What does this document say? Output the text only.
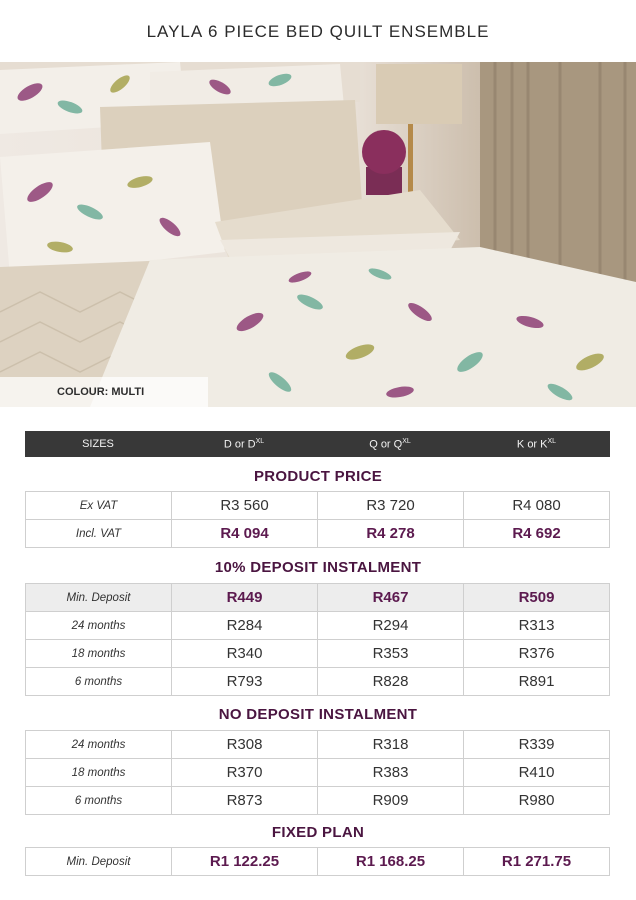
LAYLA 6 PIECE BED QUILT ENSEMBLE
COLOUR: MULTI
SIZES	D or $D^{XL}$	Q or $Q^{XL}$	K or $K^{XL}$
PRODUCT PRICE
Ex VAT	R3 560	R3 720	R4 080
Incl. VAT	R4 094	R4 278	R4 692
10% DEPOSIT INSTALMENT
Min. Deposit	R449	R467	R509
24 months	R284	R294	R313
18 months	R340	R353	R376
6 months	R793	R828	R891
NO DEPOSIT INSTALMENT
24 months	R308	R318	R339
18 months	R370	R383	R410
6 months	R873	R909	R980
FIXED PLAN
Min. Deposit	R1 122.25	R1 168.25	R1 271.75
